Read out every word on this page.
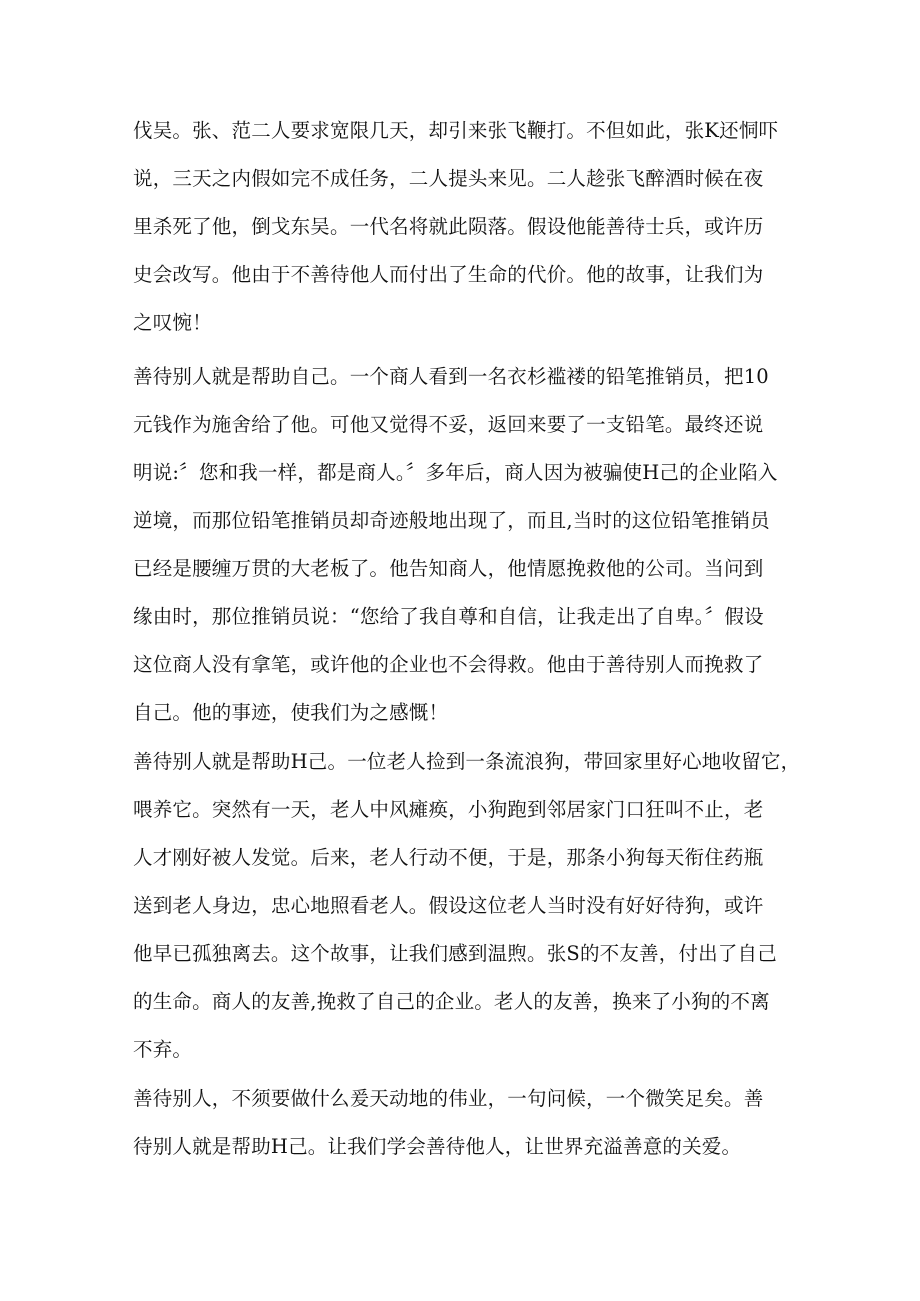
伐吴。张、范二人要求宽限几天，却引来张飞鞭打。不但如此，张K还恫吓
说，三天之内假如完不成任务，二人提头来见。二人趁张飞醉酒时候在夜
里杀死了他，倒戈东吴。一代名将就此陨落。假设他能善待士兵，或许历
史会改写。他由于不善待他人而付出了生命的代价。他的故事，让我们为
之叹惋！
善待别人就是帮助自己。一个商人看到一名衣杉褴褛的铅笔推销员，把10
元钱作为施舍给了他。可他又觉得不妥，返回来要了一支铅笔。最终还说
明说:〞您和我一样，都是商人。〞多年后，商人因为被骗使H己的企业陷入
逆境，而那位铅笔推销员却奇迹般地出现了，而且,当时的这位铅笔推销员
已经是腰缠万贯的大老板了。他告知商人，他情愿挽救他的公司。当问到
缘由时，那位推销员说：“您给了我自尊和自信，让我走出了自卑。〞假设
这位商人没有拿笔，或许他的企业也不会得救。他由于善待别人而挽救了
自己。他的事迹，使我们为之感慨！
善待别人就是帮助H己。一位老人捡到一条流浪狗，带回家里好心地收留它，
喂养它。突然有一天，老人中风瘫痪，小狗跑到邻居家门口狂叫不止，老
人才刚好被人发觉。后来，老人行动不便，于是，那条小狗每天衔住药瓶
送到老人身边，忠心地照看老人。假设这位老人当时没有好好待狗，或许
他早已孤独离去。这个故事，让我们感到温煦。张S的不友善，付出了自己
的生命。商人的友善,挽救了自己的企业。老人的友善，换来了小狗的不离
不弃。
善待别人，不须要做什么爰天动地的伟业，一句问候，一个微笑足矣。善
待别人就是帮助H己。让我们学会善待他人，让世界充溢善意的关爱。
